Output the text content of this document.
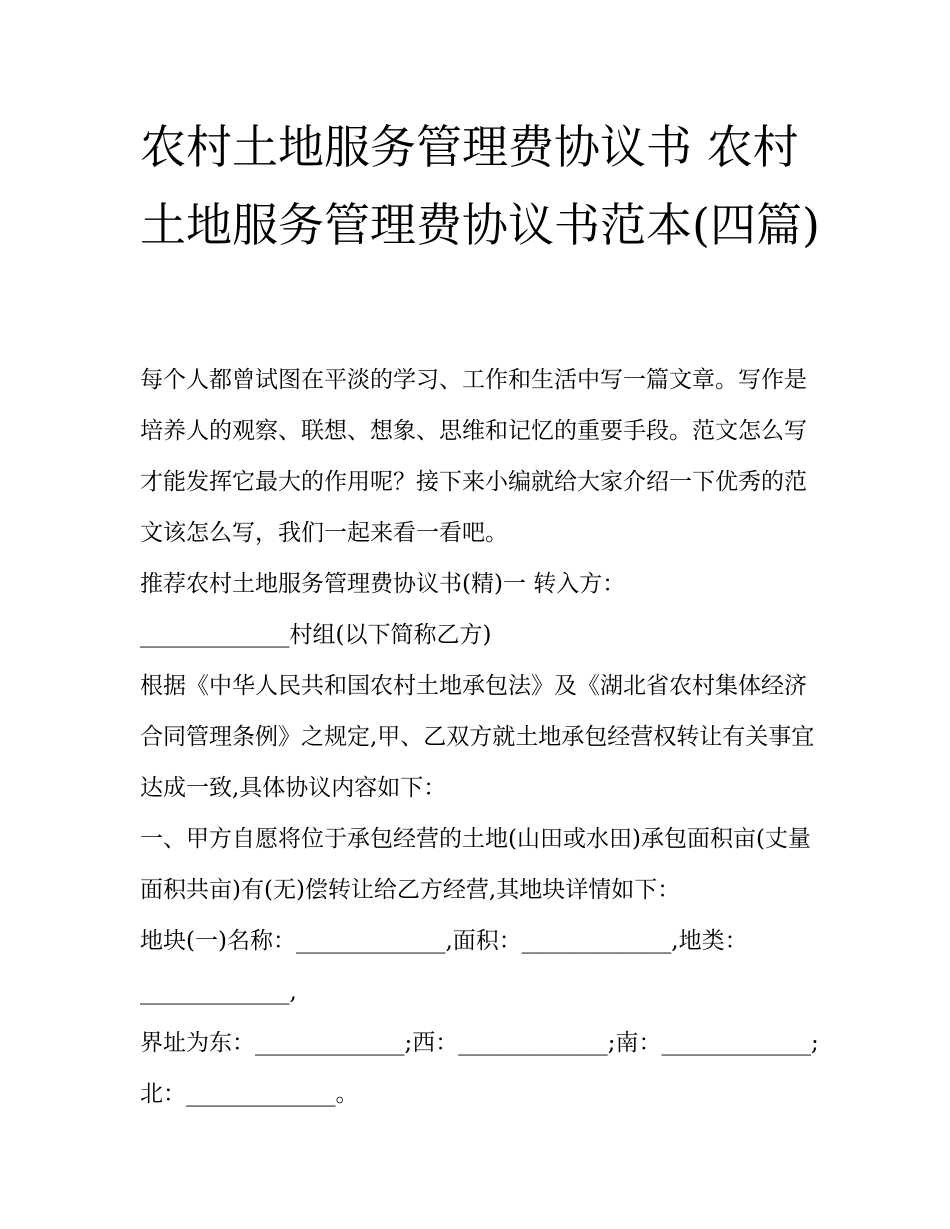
农村土地服务管理费协议书 农村土地服务管理费协议书范本(四篇)

每个人都曾试图在平淡的学习、工作和生活中写一篇文章。写作是培养人的观察、联想、想象、思维和记忆的重要手段。范文怎么写才能发挥它最大的作用呢？接下来小编就给大家介绍一下优秀的范文该怎么写，我们一起来看一看吧。

推荐农村土地服务管理费协议书(精)一 转入方：

_____________村组(以下简称乙方)

根据《中华人民共和国农村土地承包法》及《湖北省农村集体经济合同管理条例》之规定,甲、乙双方就土地承包经营权转让有关事宜达成一致,具体协议内容如下：

一、甲方自愿将位于承包经营的土地(山田或水田)承包面积亩(丈量面积共亩)有(无)偿转让给乙方经营,其地块详情如下：

地块(一)名称：_____________,面积：_____________,地类：_____________,

界址为东：_____________;西：_____________;南：_____________;北：_____________。
